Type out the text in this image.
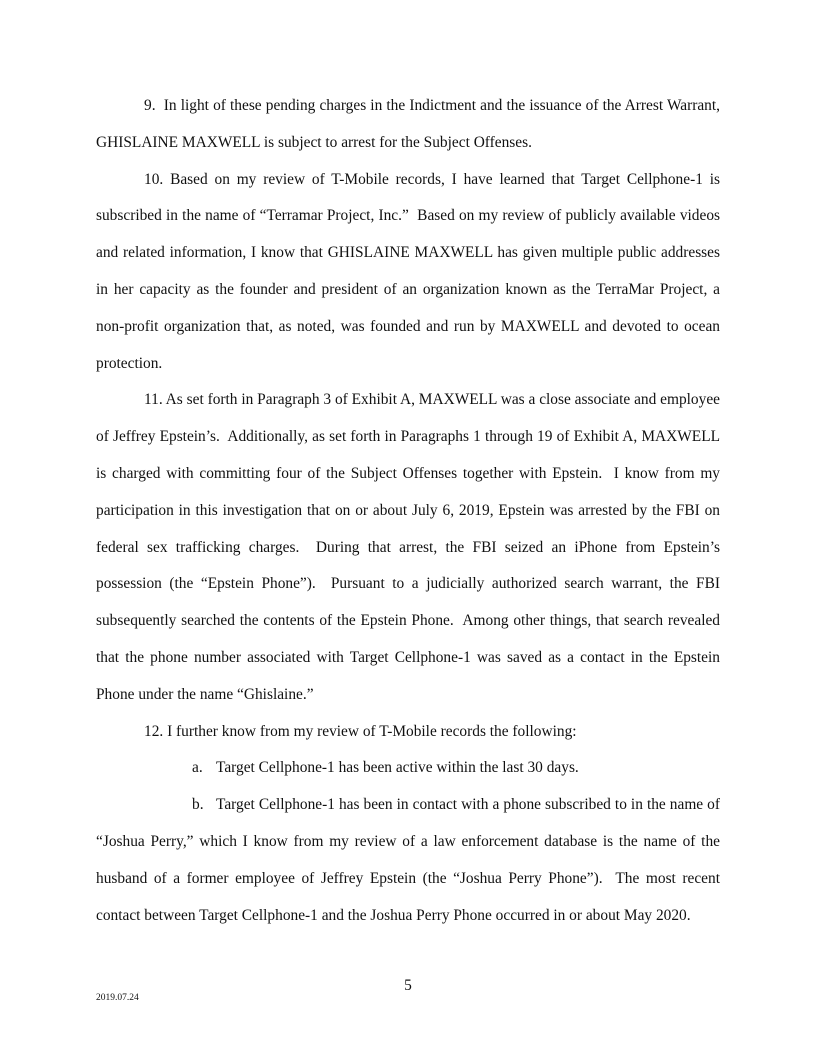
9.  In light of these pending charges in the Indictment and the issuance of the Arrest Warrant, GHISLAINE MAXWELL is subject to arrest for the Subject Offenses.

10. Based on my review of T-Mobile records, I have learned that Target Cellphone-1 is subscribed in the name of “Terramar Project, Inc.”  Based on my review of publicly available videos and related information, I know that GHISLAINE MAXWELL has given multiple public addresses in her capacity as the founder and president of an organization known as the TerraMar Project, a non-profit organization that, as noted, was founded and run by MAXWELL and devoted to ocean protection.

11. As set forth in Paragraph 3 of Exhibit A, MAXWELL was a close associate and employee of Jeffrey Epstein’s.  Additionally, as set forth in Paragraphs 1 through 19 of Exhibit A, MAXWELL is charged with committing four of the Subject Offenses together with Epstein.  I know from my participation in this investigation that on or about July 6, 2019, Epstein was arrested by the FBI on federal sex trafficking charges.  During that arrest, the FBI seized an iPhone from Epstein’s possession (the “Epstein Phone”).  Pursuant to a judicially authorized search warrant, the FBI subsequently searched the contents of the Epstein Phone.  Among other things, that search revealed that the phone number associated with Target Cellphone-1 was saved as a contact in the Epstein Phone under the name “Ghislaine.”

12. I further know from my review of T-Mobile records the following:

a. Target Cellphone-1 has been active within the last 30 days.

b. Target Cellphone-1 has been in contact with a phone subscribed to in the name of “Joshua Perry,” which I know from my review of a law enforcement database is the name of the husband of a former employee of Jeffrey Epstein (the “Joshua Perry Phone”).  The most recent contact between Target Cellphone-1 and the Joshua Perry Phone occurred in or about May 2020.

5
2019.07.24
